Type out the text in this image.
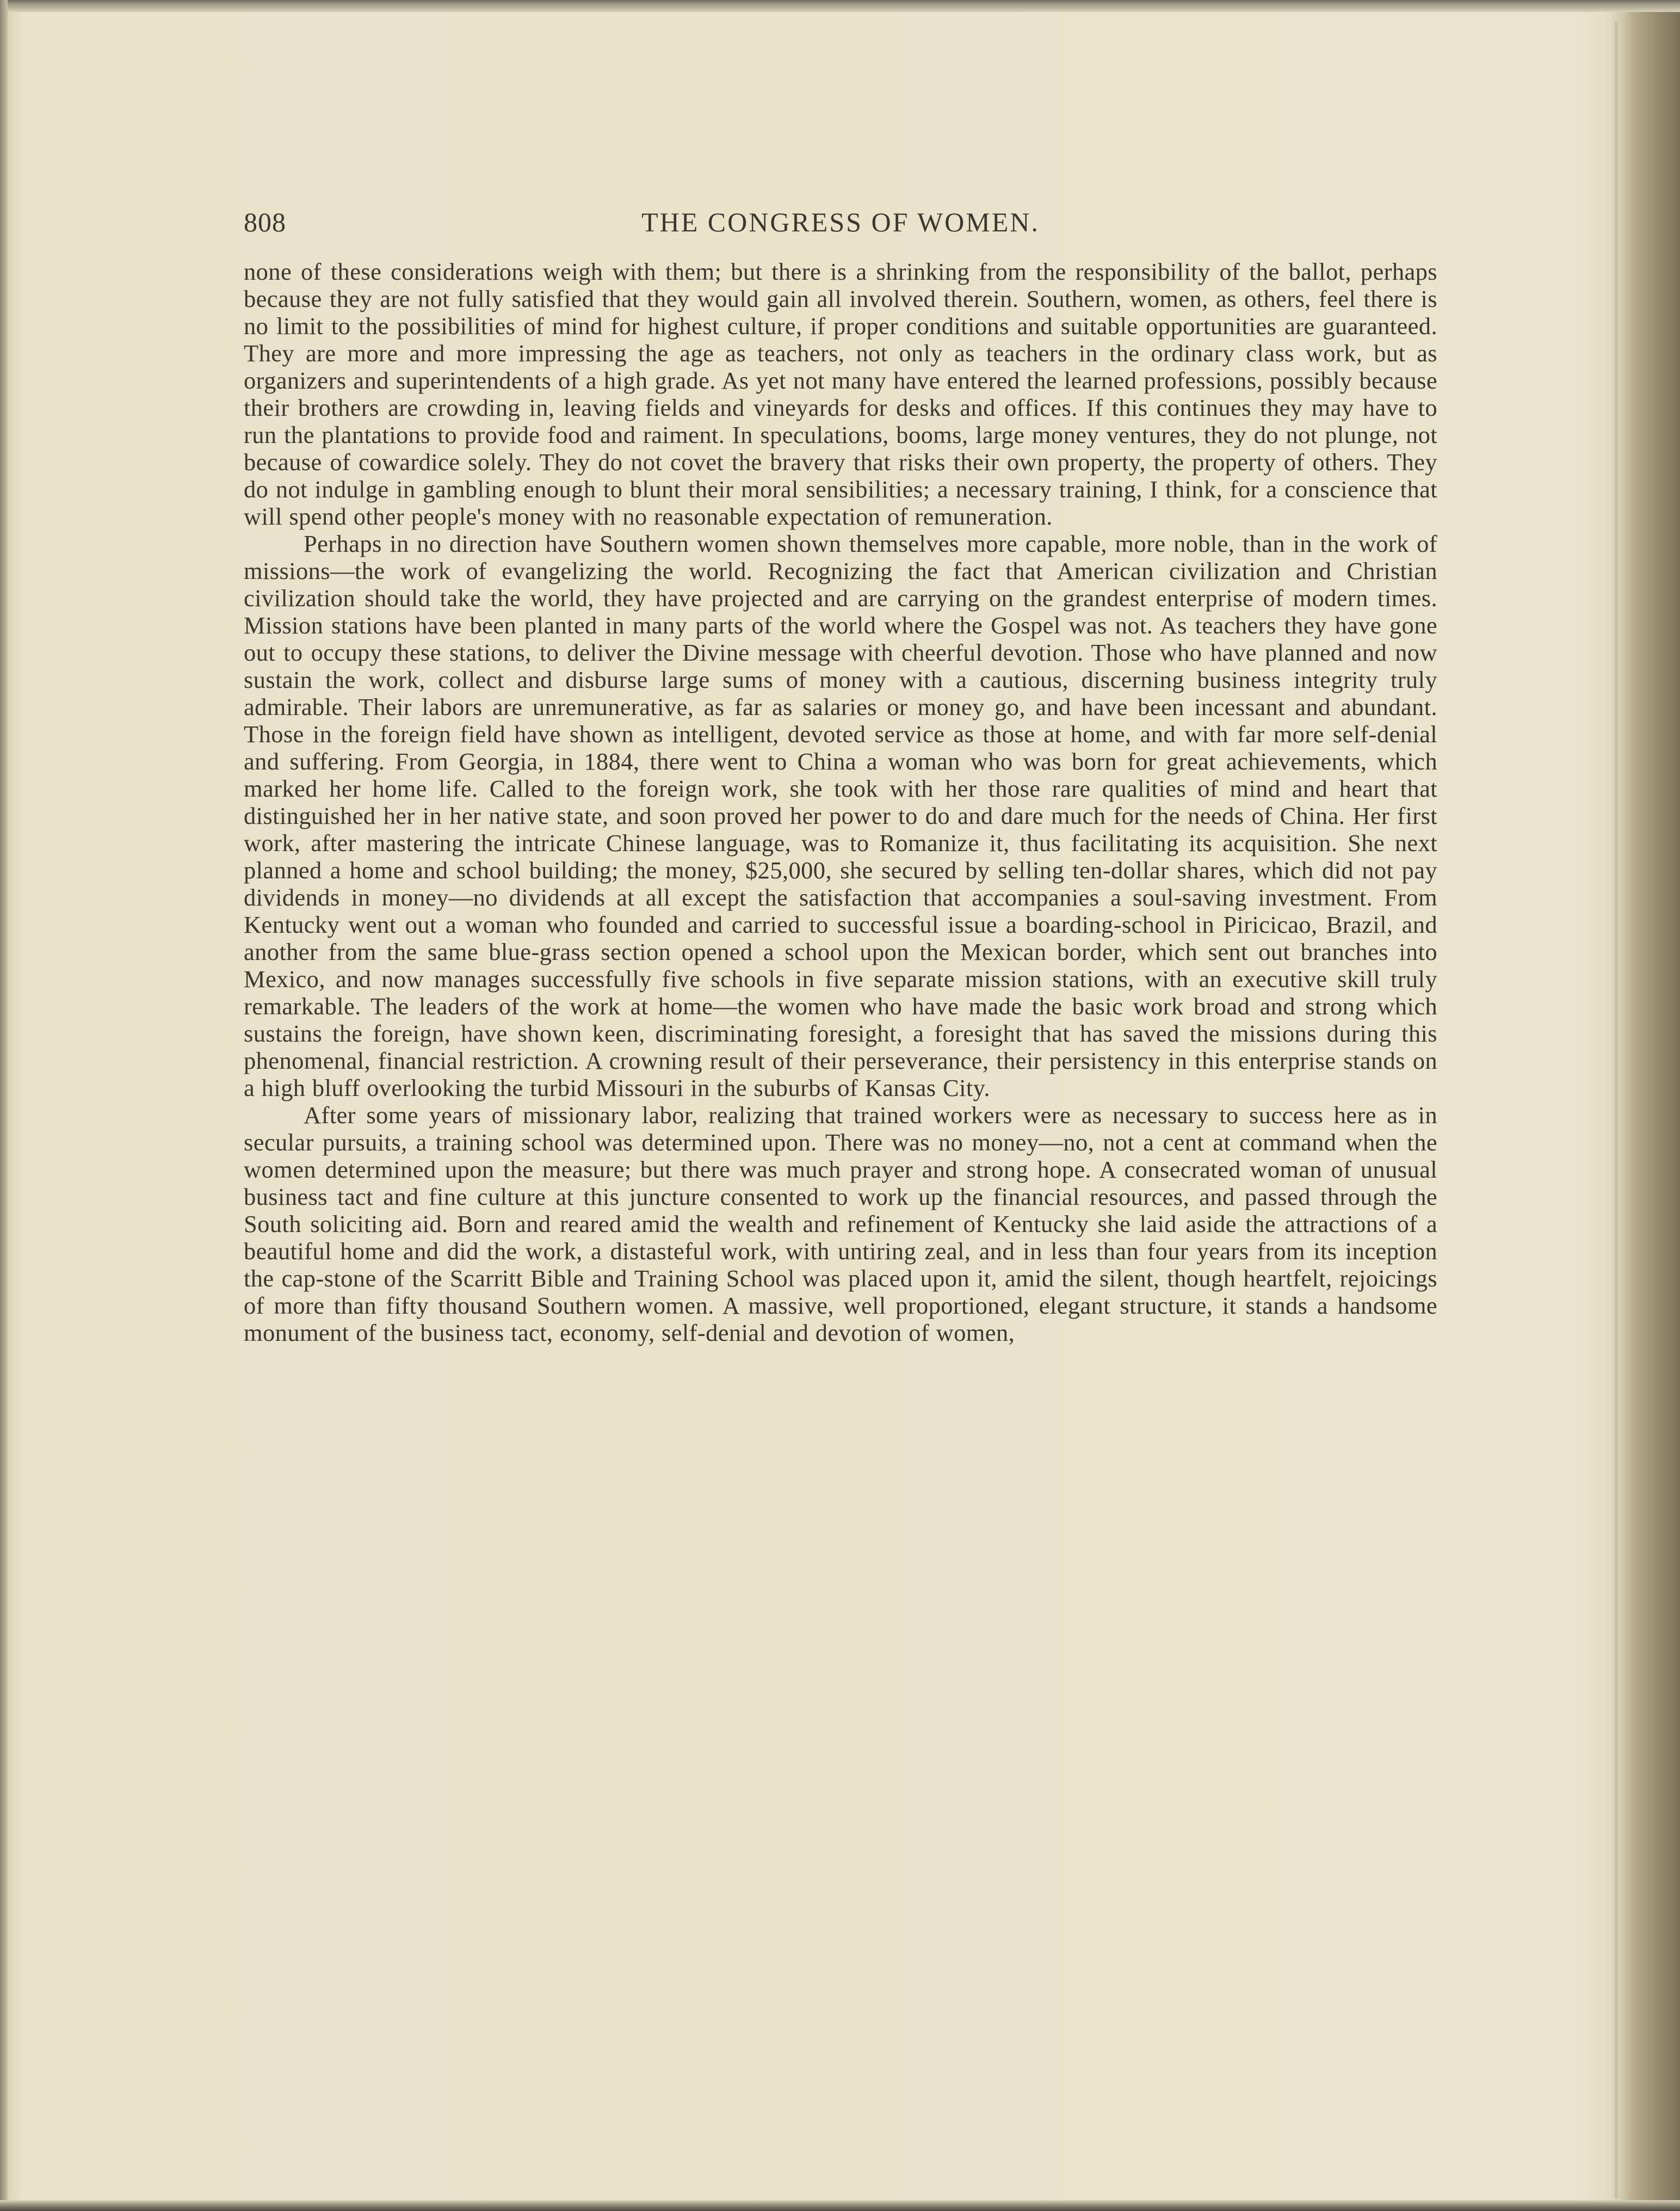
808	THE CONGRESS OF WOMEN.

none of these considerations weigh with them; but there is a shrinking from the responsibility of the ballot, perhaps because they are not fully satisfied that they would gain all involved therein. Southern, women, as others, feel there is no limit to the possibilities of mind for highest culture, if proper conditions and suitable opportunities are guaranteed. They are more and more impressing the age as teachers, not only as teachers in the ordinary class work, but as organizers and superintendents of a high grade. As yet not many have entered the learned professions, possibly because their brothers are crowding in, leaving fields and vineyards for desks and offices. If this continues they may have to run the plantations to provide food and raiment. In speculations, booms, large money ventures, they do not plunge, not because of cowardice solely. They do not covet the bravery that risks their own property, the property of others. They do not indulge in gambling enough to blunt their moral sensibilities; a necessary training, I think, for a conscience that will spend other people's money with no reasonable expectation of remuneration.

Perhaps in no direction have Southern women shown themselves more capable, more noble, than in the work of missions—the work of evangelizing the world. Recognizing the fact that American civilization and Christian civilization should take the world, they have projected and are carrying on the grandest enterprise of modern times. Mission stations have been planted in many parts of the world where the Gospel was not. As teachers they have gone out to occupy these stations, to deliver the Divine message with cheerful devotion. Those who have planned and now sustain the work, collect and disburse large sums of money with a cautious, discerning business integrity truly admirable. Their labors are unremunerative, as far as salaries or money go, and have been incessant and abundant. Those in the foreign field have shown as intelligent, devoted service as those at home, and with far more self-denial and suffering. From Georgia, in 1884, there went to China a woman who was born for great achievements, which marked her home life. Called to the foreign work, she took with her those rare qualities of mind and heart that distinguished her in her native state, and soon proved her power to do and dare much for the needs of China. Her first work, after mastering the intricate Chinese language, was to Romanize it, thus facilitating its acquisition. She next planned a home and school building; the money, $25,000, she secured by selling ten-dollar shares, which did not pay dividends in money—no dividends at all except the satisfaction that accompanies a soul-saving investment. From Kentucky went out a woman who founded and carried to successful issue a boarding-school in Piricicao, Brazil, and another from the same blue-grass section opened a school upon the Mexican border, which sent out branches into Mexico, and now manages successfully five schools in five separate mission stations, with an executive skill truly remarkable. The leaders of the work at home—the women who have made the basic work broad and strong which sustains the foreign, have shown keen, discriminating foresight, a foresight that has saved the missions during this phenomenal, financial restriction. A crowning result of their perseverance, their persistency in this enterprise stands on a high bluff overlooking the turbid Missouri in the suburbs of Kansas City.

After some years of missionary labor, realizing that trained workers were as necessary to success here as in secular pursuits, a training school was determined upon. There was no money—no, not a cent at command when the women determined upon the measure; but there was much prayer and strong hope. A consecrated woman of unusual business tact and fine culture at this juncture consented to work up the financial resources, and passed through the South soliciting aid. Born and reared amid the wealth and refinement of Kentucky she laid aside the attractions of a beautiful home and did the work, a distasteful work, with untiring zeal, and in less than four years from its inception the cap-stone of the Scarritt Bible and Training School was placed upon it, amid the silent, though heartfelt, rejoicings of more than fifty thousand Southern women. A massive, well proportioned, elegant structure, it stands a handsome monument of the business tact, economy, self-denial and devotion of women,
